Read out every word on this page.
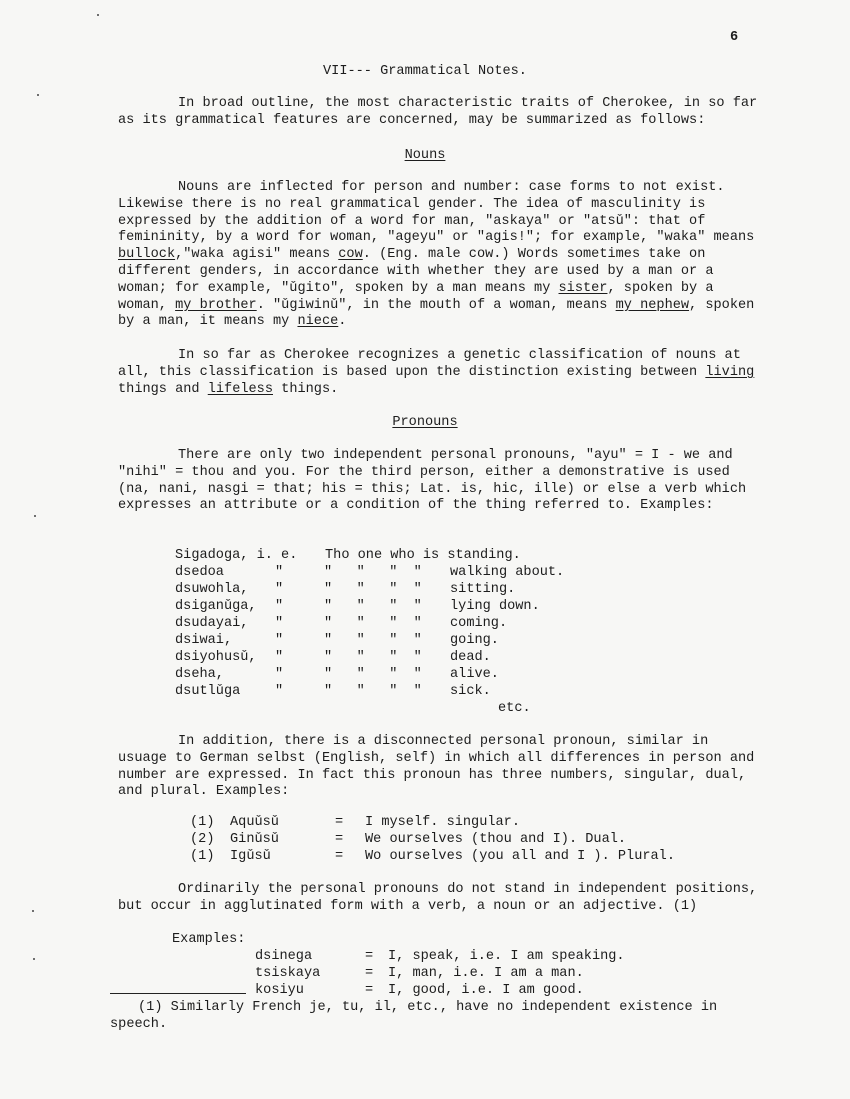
6
VII--- Grammatical Notes.
In broad outline, the most characteristic traits of Cherokee, in so far as its grammatical features are concerned, may be summarized as follows:
Nouns
Nouns are inflected for person and number: case forms to not exist. Likewise there is no real grammatical gender. The idea of masculinity is expressed by the addition of a word for man, "askaya" or "atsǔ": that of femininity, by a word for woman, "ageyu" or "agis!"; for example, "waka" means bullock,"waka agisi" means cow. (Eng. male cow.) Words sometimes take on different genders, in accordance with whether they are used by a man or a woman; for example, "ǔgito", spoken by a man means my sister, spoken by a woman, my brother. "ǔgiwinǔ", in the mouth of a woman, means my nephew, spoken by a man, it means my niece.
In so far as Cherokee recognizes a genetic classification of nouns at all, this classification is based upon the distinction existing between living things and lifeless things.
Pronouns
There are only two independent personal pronouns, "ayu" = I - we and "nihi" = thou and you. For the third person, either a demonstrative is used (na, nani, nasgi = that; his = this; Lat. is, hic, ille) or else a verb which expresses an attribute or a condition of the thing referred to. Examples:
Sigadoga, i. e. Tho one who is standing.
dsedoa	"     "   "   "  " walking about.
dsuwohla, "     "   "   "  " sitting.
dsiganǔga, "     "   "   "  " lying down.
dsudayai, "     "   "   "  " coming.
dsiwai,	"     "   "   "  " going.
dsiyohusǔ, "     "   "   "  " dead.
dseha,	"     "   "   "  " alive.
dsutlǔga	"     "   "   "  " sick.
etc.
In addition, there is a disconnected personal pronoun, similar in usuage to German selbst (English, self) in which all differences in person and number are expressed. In fact this pronoun has three numbers, singular, dual, and plural. Examples:
(1) Aquǔsǔ	= I myself. singular.
(2) Ginǔsǔ	= We ourselves (thou and I). Dual.
(1) Igǔsǔ	= Wo ourselves (you all and I ). Plural.
Ordinarily the personal pronouns do not stand in independent positions, but occur in agglutinated form with a verb, a noun or an adjective. (1)
Examples:
dsinega	= I, speak, i.e. I am speaking.
tsiskaya	= I, man, i.e. I am a man.
kosiyu	= I, good, i.e. I am good.
(1) Similarly French je, tu, il, etc., have no independent existence in speech.
